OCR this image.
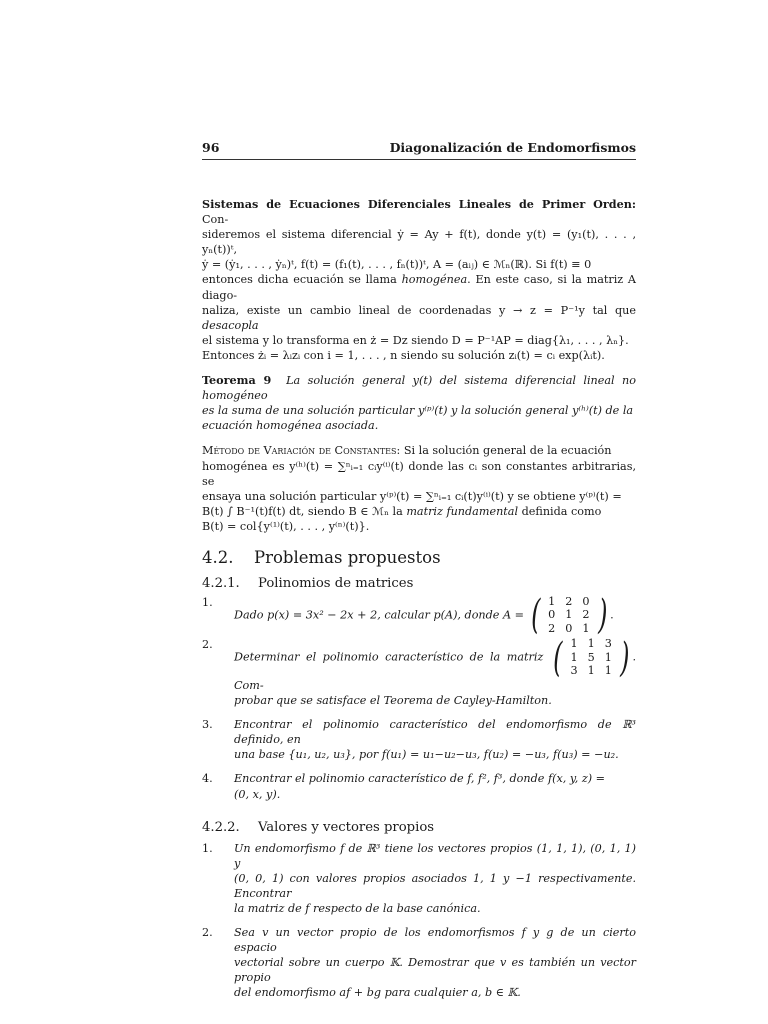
96	Diagonalización de Endomorfismos

Sistemas de Ecuaciones Diferenciales Lineales de Primer Orden: Con-

sideremos el sistema diferencial ẏ = Ay + f(t), donde y(t) = (y₁(t), . . . , yₙ(t))ᵗ,

ẏ = (ẏ₁, . . . , ẏₙ)ᵗ, f(t) = (f₁(t), . . . , fₙ(t))ᵗ, A = (aᵢⱼ) ∈ ℳₙ(ℝ). Si f(t) ≡ 0

entonces dicha ecuación se llama homogénea. En este caso, si la matriz A diago-

naliza, existe un cambio lineal de coordenadas y → z = P⁻¹y tal que desacopla

el sistema y lo transforma en ż = Dz siendo D = P⁻¹AP = diag{λ₁, . . . , λₙ}.

Entonces żᵢ = λᵢzᵢ con i = 1, . . . , n siendo su solución zᵢ(t) = cᵢ exp(λᵢt).

Teorema 9 La solución general y(t) del sistema diferencial lineal no homogéneo

es la suma de una solución particular y⁽ᵖ⁾(t) y la solución general y⁽ʰ⁾(t) de la

ecuación homogénea asociada.

Método de Variación de Constantes: Si la solución general de la ecuación

homogénea es y⁽ʰ⁾(t) = ∑ⁿᵢ₌₁ cᵢy⁽ⁱ⁾(t) donde las cᵢ son constantes arbitrarias, se

ensaya una solución particular y⁽ᵖ⁾(t) = ∑ⁿᵢ₌₁ cᵢ(t)y⁽ⁱ⁾(t) y se obtiene y⁽ᵖ⁾(t) =

B(t) ∫ B⁻¹(t)f(t) dt, siendo B ∈ ℳₙ la matriz fundamental definida como

B(t) = col{y⁽¹⁾(t), . . . , y⁽ⁿ⁾(t)}.

4.2. Problemas propuestos
4.2.1. Polinomios de matrices
1.
Dado p(x) = 3x² − 2x + 2, calcular p(A), donde A = ( 1	2	0
0	1	2
2	0	1 ) .
2.
Determinar el polinomio característico de la matriz ( 1	1	3
1	5	1
3	1	1 ) . Com-
probar que se satisface el Teorema de Cayley-Hamilton.
3.	Encontrar el polinomio característico del endomorfismo de ℝ³ definido, en
una base {u₁, u₂, u₃}, por f(u₁) = u₁−u₂−u₃, f(u₂) = −u₃, f(u₃) = −u₂.
4.	Encontrar el polinomio característico de f, f², f³, donde f(x, y, z) =
(0, x, y).
4.2.2. Valores y vectores propios
1.	Un endomorfismo f de ℝ³ tiene los vectores propios (1, 1, 1), (0, 1, 1) y
(0, 0, 1) con valores propios asociados 1, 1 y −1 respectivamente. Encontrar
la matriz de f respecto de la base canónica.
2.	Sea v un vector propio de los endomorfismos f y g de un cierto espacio
vectorial sobre un cuerpo 𝕂. Demostrar que v es también un vector propio
del endomorfismo af + bg para cualquier a, b ∈ 𝕂.
